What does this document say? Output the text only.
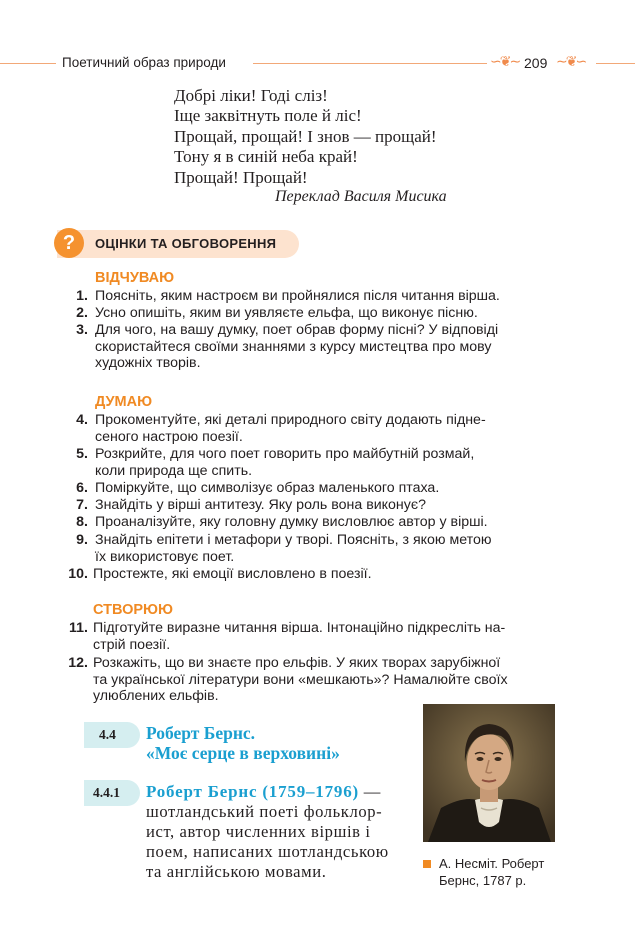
Поетичний образ природи	∽❦∼ 209 ∼❦∽
Добрі ліки! Годі сліз!
Іще заквітнуть поле й ліс!
Прощай, прощай! І знов — прощай!
Тону я в синій неба край!
Прощай! Прощай!
Переклад Василя Мисика
?	ОЦІНКИ ТА ОБГОВОРЕННЯ
ВІДЧУВАЮ
1. Поясніть, яким настроєм ви пройнялися після читання вірша.
2. Усно опишіть, яким ви уявляєте ельфа, що виконує пісню.
3. Для чого, на вашу думку, поет обрав форму пісні? У відповіді
скористайтеся своїми знаннями з курсу мистецтва про мову
художніх творів.
ДУМАЮ
4. Прокоментуйте, які деталі природного світу додають підне-
сеного настрою поезії.
5. Розкрийте, для чого поет говорить про майбутній розмай,
коли природа ще спить.
6. Поміркуйте, що символізує образ маленького птаха.
7. Знайдіть у вірші антитезу. Яку роль вона виконує?
8. Проаналізуйте, яку головну думку висловлює автор у вірші.
9. Знайдіть епітети і метафори у творі. Поясніть, з якою метою
їх використовує поет.
10. Простежте, які емоції висловлено в поезії.
СТВОРЮЮ
11. Підготуйте виразне читання вірша. Інтонаційно підкресліть на-
стрій поезії.
12. Розкажіть, що ви знаєте про ельфів. У яких творах зарубіжної
та української літератури вони «мешкають»? Намалюйте своїх
улюблених ельфів.
4.4 Роберт Бернс.
«Моє серце в верховині»
4.4.1 Роберт Бернс (1759–1796) —
шотландський поеті фольклор-
ист, автор численних віршів і
поем, написаних шотландською
та англійською мовами.	А. Несміт. Роберт
Бернс, 1787 р.
